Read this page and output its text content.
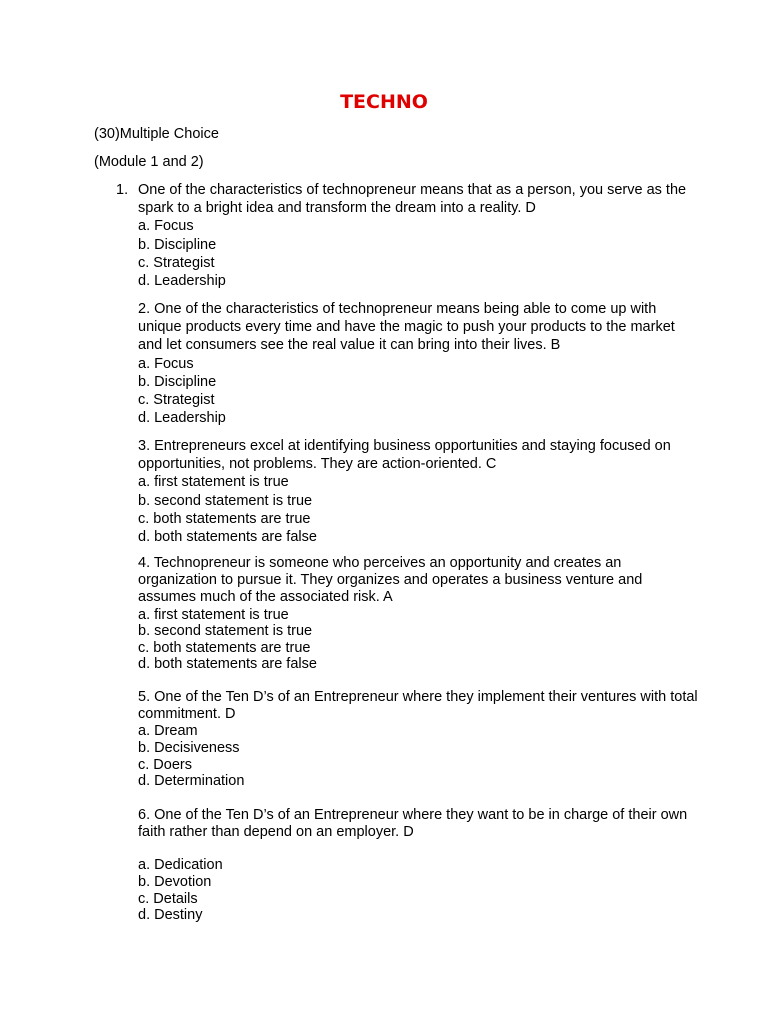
TECHNO
(30)Multiple Choice
(Module 1 and 2)
1. One of the characteristics of technopreneur means that as a person, you serve as the spark to a bright idea and transform the dream into a reality. D

a. Focus
b. Discipline
c. Strategist
d. Leadership

2. One of the characteristics of technopreneur means being able to come up with unique products every time and have the magic to push your products to the market and let consumers see the real value it can bring into their lives. B

a. Focus
b. Discipline
c. Strategist
d. Leadership

3. Entrepreneurs excel at identifying business opportunities and staying focused on opportunities, not problems. They are action-oriented. C

a. first statement is true
b. second statement is true
c. both statements are true
d. both statements are false

4. Technopreneur is someone who perceives an opportunity and creates an organization to pursue it. They organizes and operates a business venture and assumes much of the associated risk. A

a. first statement is true
b. second statement is true
c. both statements are true
d. both statements are false

5. One of the Ten D’s of an Entrepreneur where they implement their ventures with total commitment. D

a. Dream
b. Decisiveness
c. Doers
d. Determination

6. One of the Ten D’s of an Entrepreneur where they want to be in charge of their own faith rather than depend on an employer. D

a. Dedication
b. Devotion
c. Details
d. Destiny
